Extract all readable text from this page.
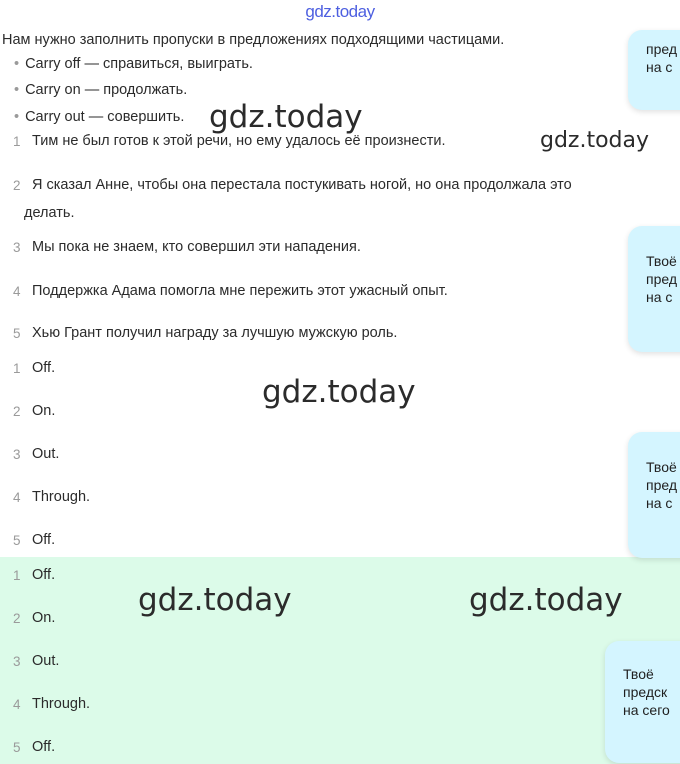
gdz.today
Нам нужно заполнить пропуски в предложениях подходящими частицами.
• Carry off — справиться, выиграть.
• Carry on — продолжать.
• Carry out — совершить.
1 Тим не был готов к этой речи, но ему удалось её произнести.
2 Я сказал Анне, чтобы она перестала постукивать ногой, но она продолжала это
делать.
3 Мы пока не знаем, кто совершил эти нападения.
4 Поддержка Адама помогла мне пережить этот ужасный опыт.
5 Хью Грант получил награду за лучшую мужскую роль.
1 Off.
2 On.
3 Out.
4 Through.
5 Off.
1 Off.
2 On.
3 Out.
4 Through.
5 Off.
gdz.today
gdz.today
gdz.today
gdz.today	gdz.today
пред
на с
Твоё
пред
на с
Твоё
пред
на с
Твоё
предск
на сего
